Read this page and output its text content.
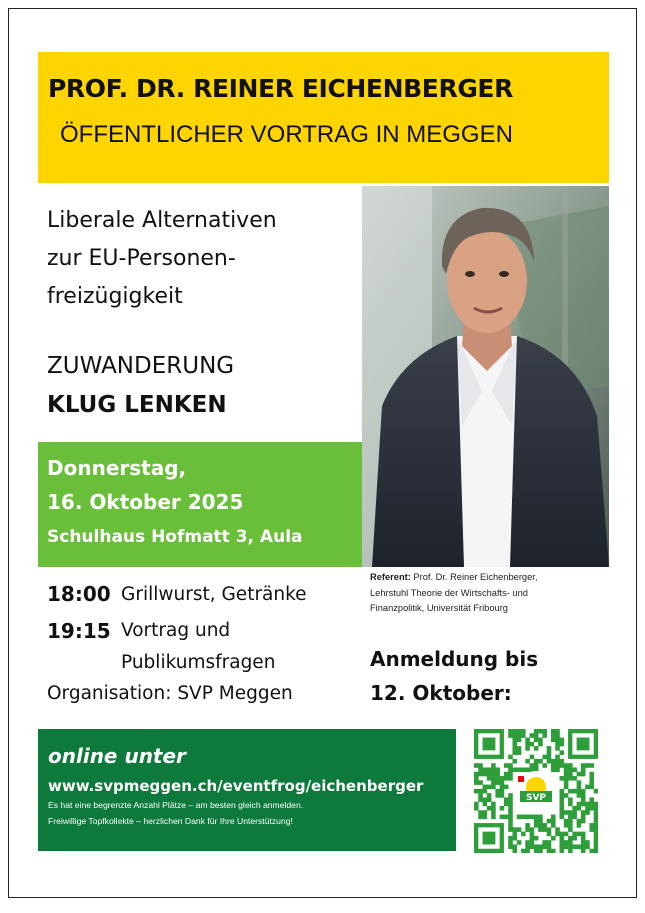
PROF. DR. REINER EICHENBERGER
ÖFFENTLICHER VORTRAG IN MEGGEN
Liberale Alternativen
zur EU-Personen-
freizügigkeit
ZUWANDERUNG
KLUG LENKEN
Donnerstag,
16. Oktober 2025
Schulhaus Hofmatt 3, Aula
18:00 Grillwurst, Getränke
19:15 Vortrag und
Publikumsfragen
Organisation: SVP Meggen
Referent: Prof. Dr. Reiner Eichenberger,
Lehrstuhl Theorie der Wirtschafts- und
Finanzpolitik, Universität Fribourg
Anmeldung bis
12. Oktober:
online unter
www.svpmeggen.ch/eventfrog/eichenberger
Es hat eine begrenzte Anzahl Plätze – am besten gleich anmelden.
Freiwillige Topfkollekte – herzlichen Dank für Ihre Unterstützung!
SVP
